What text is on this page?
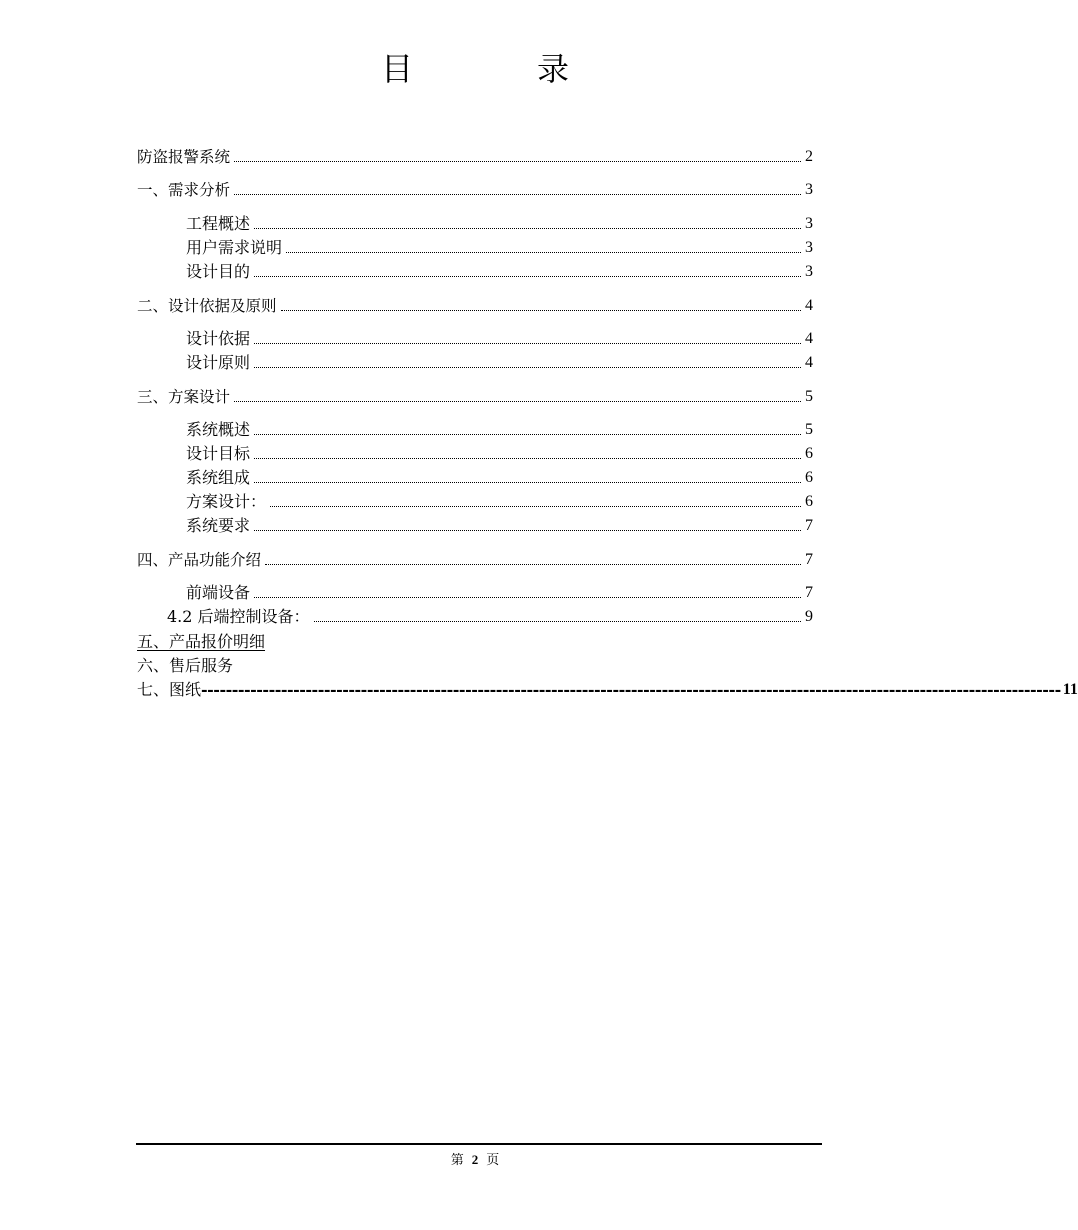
目　录
防盗报警系统	2
一、需求分析	3
工程概述	3
用户需求说明	3
设计目的	3
二、设计依据及原则	4
设计依据	4
设计原则	4
三、方案设计	5
系统概述	5
设计目标	6
系统组成	6
方案设计：	6
系统要求	7
四、产品功能介绍	7
前端设备	7
4.2 后端控制设备：	9
五、产品报价明细
六、售后服务
七、图纸 -------------------------------------------------------------------------------------------------------------------------------------------- 11
第 2 页
